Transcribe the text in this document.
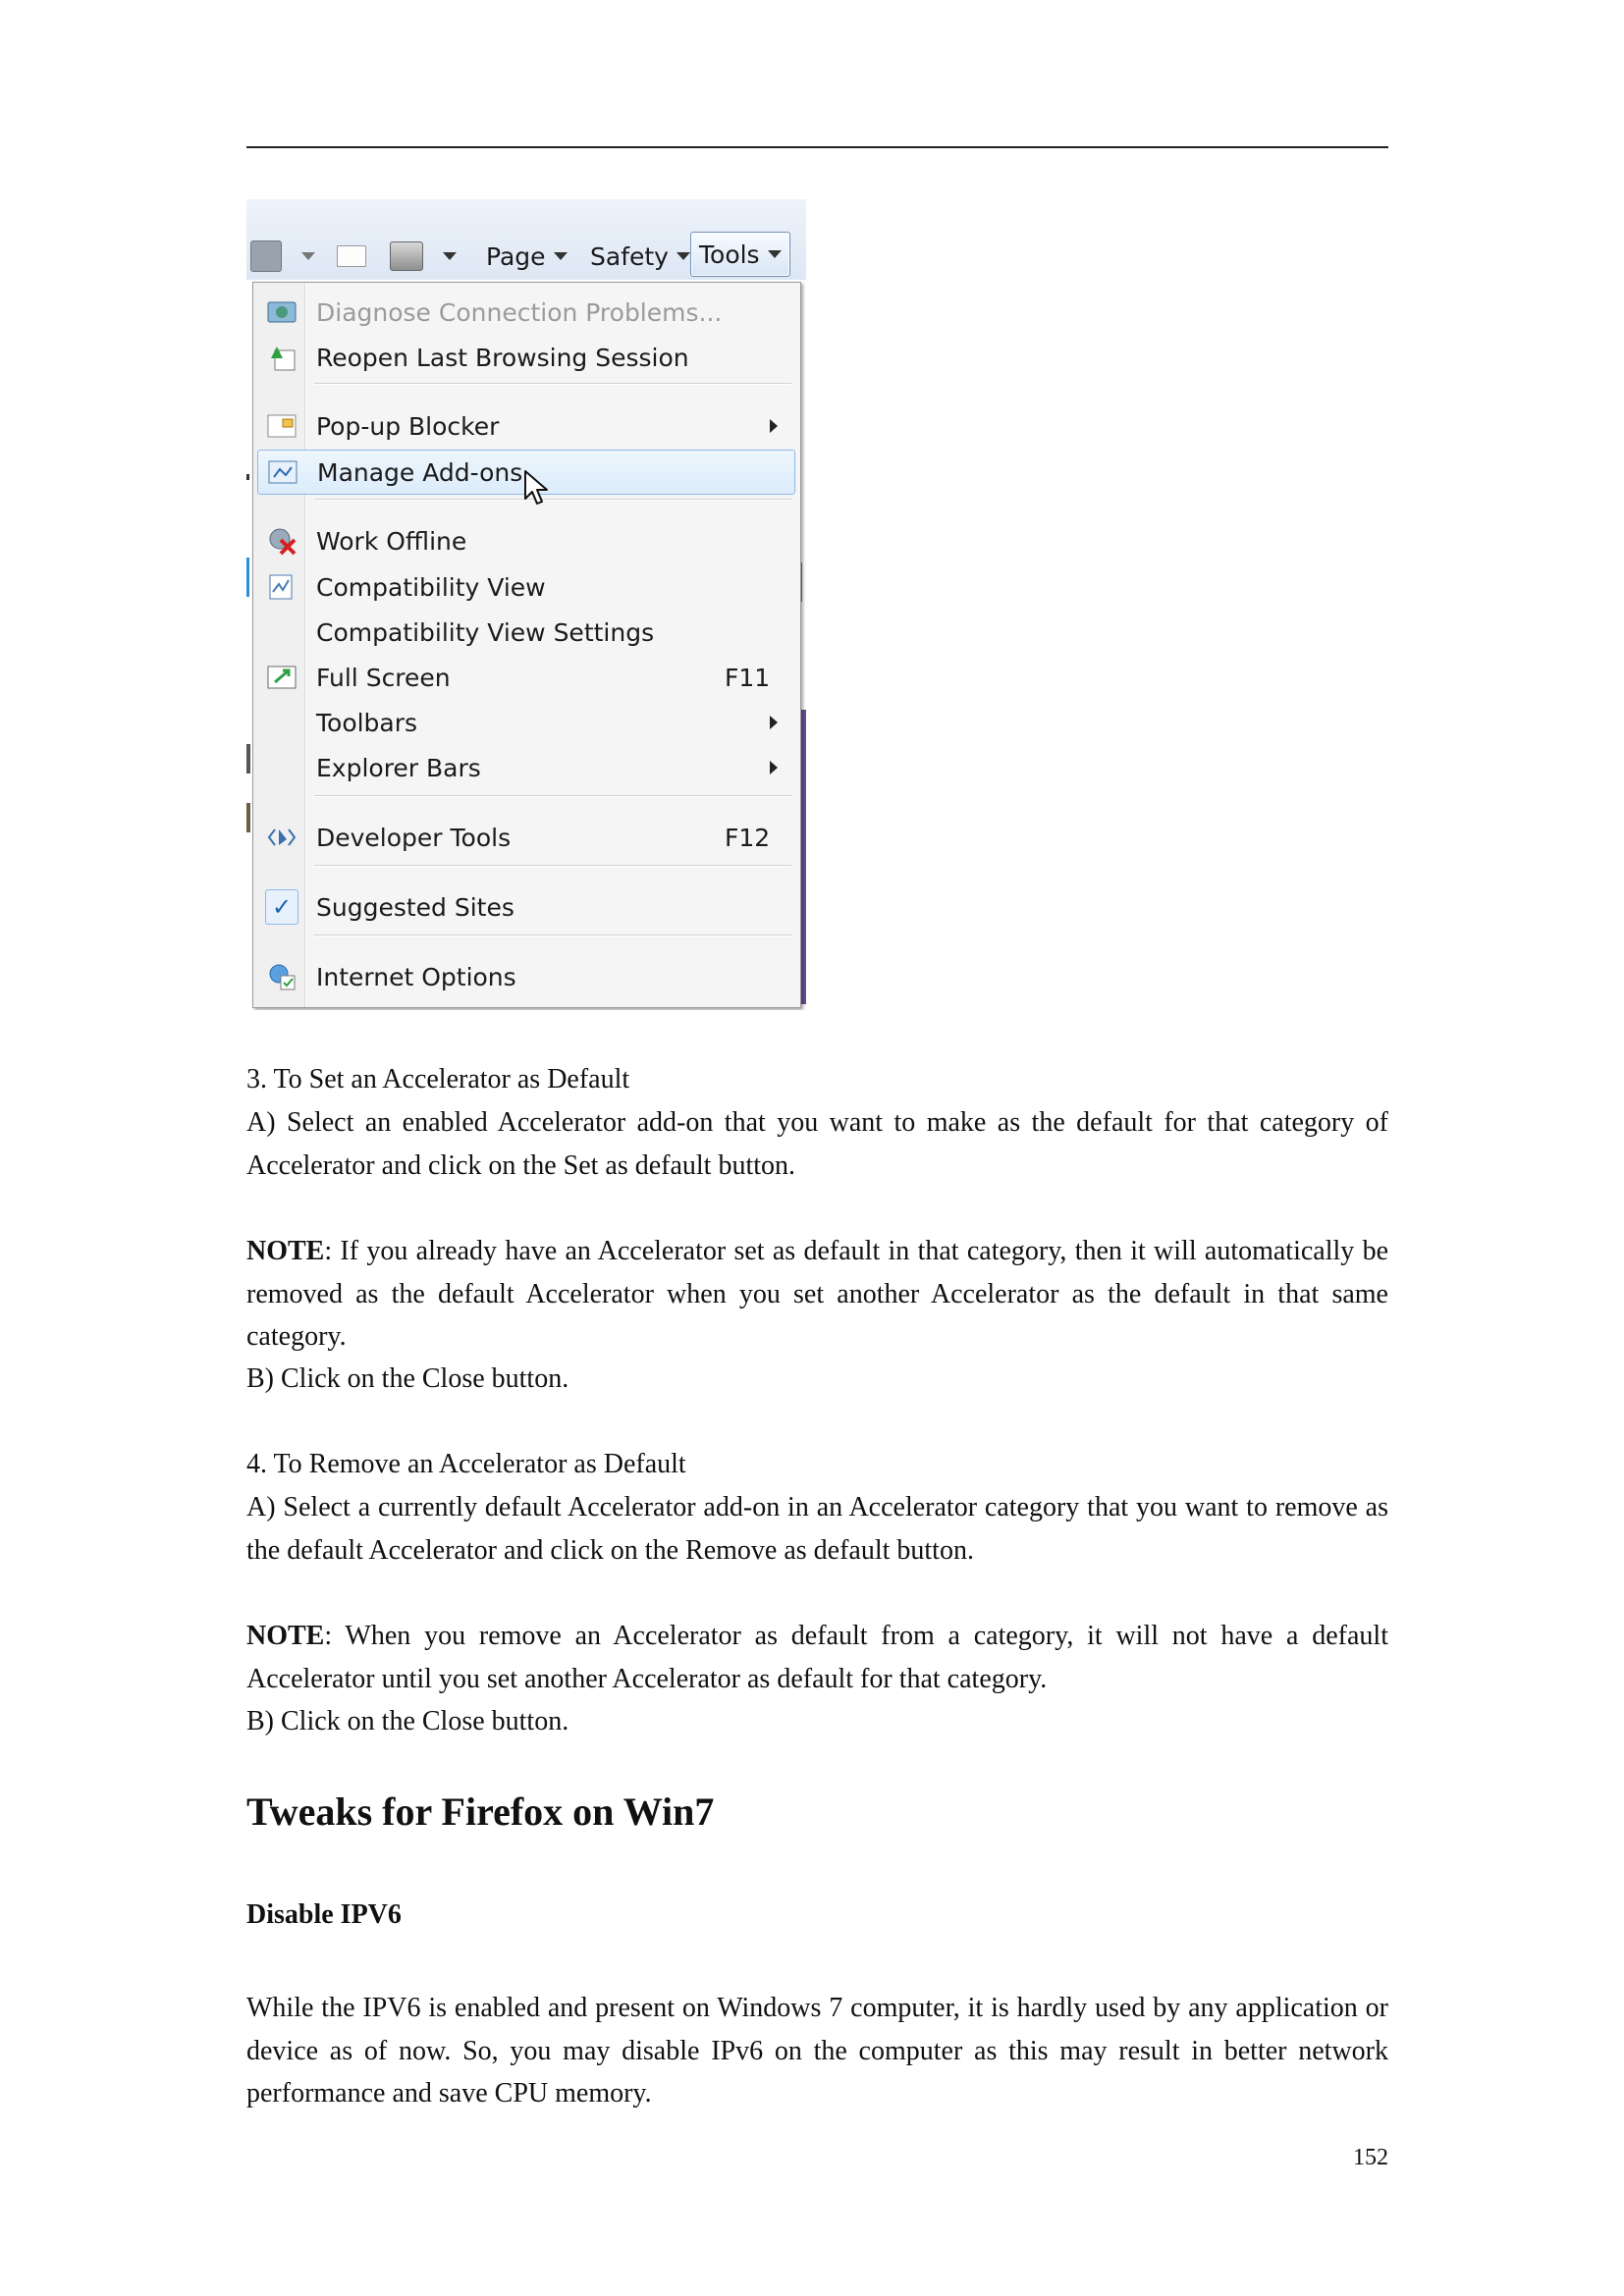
Page Safety Tools
Diagnose Connection Problems...
Reopen Last Browsing Session
Pop-up Blocker
Manage Add-ons
Work Offline
Compatibility View
Compatibility View Settings
Full Screen	F11
Toolbars
Explorer Bars
Developer Tools	F12
✓ Suggested Sites
Internet Options

3. To Set an Accelerator as Default

A) Select an enabled Accelerator add-on that you want to make as the default for that category of Accelerator and click on the Set as default button.

NOTE: If you already have an Accelerator set as default in that category, then it will automatically be removed as the default Accelerator when you set another Accelerator as the default in that same category.

B) Click on the Close button.

4. To Remove an Accelerator as Default

A) Select a currently default Accelerator add-on in an Accelerator category that you want to remove as the default Accelerator and click on the Remove as default button.

NOTE: When you remove an Accelerator as default from a category, it will not have a default Accelerator until you set another Accelerator as default for that category.

B) Click on the Close button.

Tweaks for Firefox on Win7
Disable IPV6

While the IPV6 is enabled and present on Windows 7 computer, it is hardly used by any application or device as of now. So, you may disable IPv6 on the computer as this may result in better network performance and save CPU memory.

152
